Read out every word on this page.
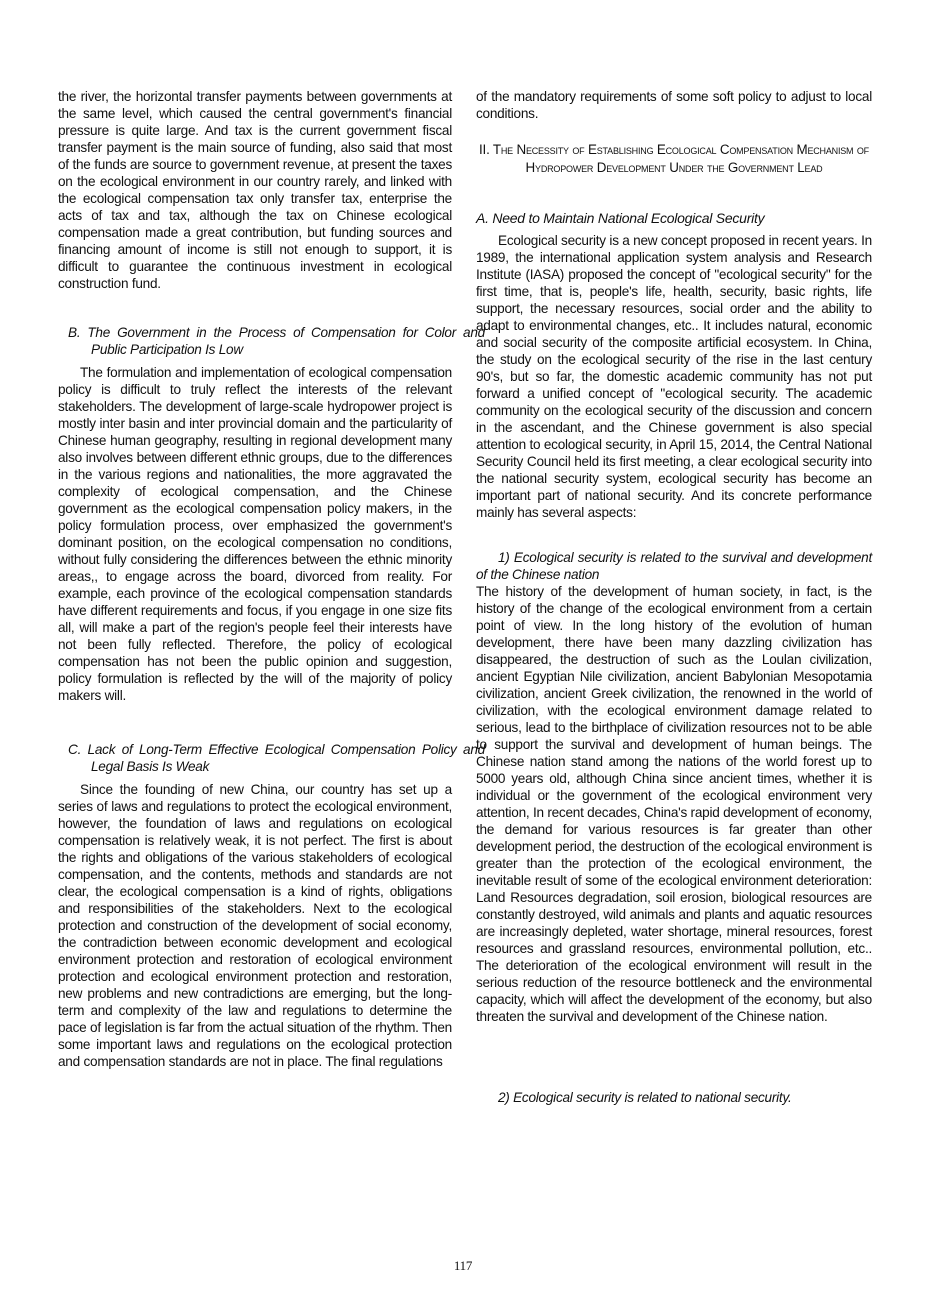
the river, the horizontal transfer payments between governments at the same level, which caused the central government's financial pressure is quite large. And tax is the current government fiscal transfer payment is the main source of funding, also said that most of the funds are source to government revenue, at present the taxes on the ecological environment in our country rarely, and linked with the ecological compensation tax only transfer tax, enterprise the acts of tax and tax, although the tax on Chinese ecological compensation made a great contribution, but funding sources and financing amount of income is still not enough to support, it is difficult to guarantee the continuous investment in ecological construction fund.

B. The Government in the Process of Compensation for Color and Public Participation Is Low

The formulation and implementation of ecological compensation policy is difficult to truly reflect the interests of the relevant stakeholders. The development of large-scale hydropower project is mostly inter basin and inter provincial domain and the particularity of Chinese human geography, resulting in regional development many also involves between different ethnic groups, due to the differences in the various regions and nationalities, the more aggravated the complexity of ecological compensation, and the Chinese government as the ecological compensation policy makers, in the policy formulation process, over emphasized the government's dominant position, on the ecological compensation no conditions, without fully considering the differences between the ethnic minority areas,, to engage across the board, divorced from reality. For example, each province of the ecological compensation standards have different requirements and focus, if you engage in one size fits all, will make a part of the region's people feel their interests have not been fully reflected. Therefore, the policy of ecological compensation has not been the public opinion and suggestion, policy formulation is reflected by the will of the majority of policy makers will.

C. Lack of Long-Term Effective Ecological Compensation Policy and Legal Basis Is Weak

Since the founding of new China, our country has set up a series of laws and regulations to protect the ecological environment, however, the foundation of laws and regulations on ecological compensation is relatively weak, it is not perfect. The first is about the rights and obligations of the various stakeholders of ecological compensation, and the contents, methods and standards are not clear, the ecological compensation is a kind of rights, obligations and responsibilities of the stakeholders. Next to the ecological protection and construction of the development of social economy, the contradiction between economic development and ecological environment protection and restoration of ecological environment protection and ecological environment protection and restoration, new problems and new contradictions are emerging, but the long-term and complexity of the law and regulations to determine the pace of legislation is far from the actual situation of the rhythm. Then some important laws and regulations on the ecological protection and compensation standards are not in place. The final regulations

of the mandatory requirements of some soft policy to adjust to local conditions.

II. The Necessity of Establishing Ecological Compensation Mechanism of Hydropower Development Under the Government Lead

A. Need to Maintain National Ecological Security

Ecological security is a new concept proposed in recent years. In 1989, the international application system analysis and Research Institute (IASA) proposed the concept of "ecological security" for the first time, that is, people's life, health, security, basic rights, life support, the necessary resources, social order and the ability to adapt to environmental changes, etc.. It includes natural, economic and social security of the composite artificial ecosystem. In China, the study on the ecological security of the rise in the last century 90's, but so far, the domestic academic community has not put forward a unified concept of "ecological security. The academic community on the ecological security of the discussion and concern in the ascendant, and the Chinese government is also special attention to ecological security, in April 15, 2014, the Central National Security Council held its first meeting, a clear ecological security into the national security system, ecological security has become an important part of national security. And its concrete performance mainly has several aspects:

1) Ecological security is related to the survival and development of the Chinese nation

The history of the development of human society, in fact, is the history of the change of the ecological environment from a certain point of view. In the long history of the evolution of human development, there have been many dazzling civilization has disappeared, the destruction of such as the Loulan civilization, ancient Egyptian Nile civilization, ancient Babylonian Mesopotamia civilization, ancient Greek civilization, the renowned in the world of civilization, with the ecological environment damage related to serious, lead to the birthplace of civilization resources not to be able to support the survival and development of human beings. The Chinese nation stand among the nations of the world forest up to 5000 years old, although China since ancient times, whether it is individual or the government of the ecological environment very attention, In recent decades, China's rapid development of economy, the demand for various resources is far greater than other development period, the destruction of the ecological environment is greater than the protection of the ecological environment, the inevitable result of some of the ecological environment deterioration: Land Resources degradation, soil erosion, biological resources are constantly destroyed, wild animals and plants and aquatic resources are increasingly depleted, water shortage, mineral resources, forest resources and grassland resources, environmental pollution, etc.. The deterioration of the ecological environment will result in the serious reduction of the resource bottleneck and the environmental capacity, which will affect the development of the economy, but also threaten the survival and development of the Chinese nation.

2) Ecological security is related to national security.

117
